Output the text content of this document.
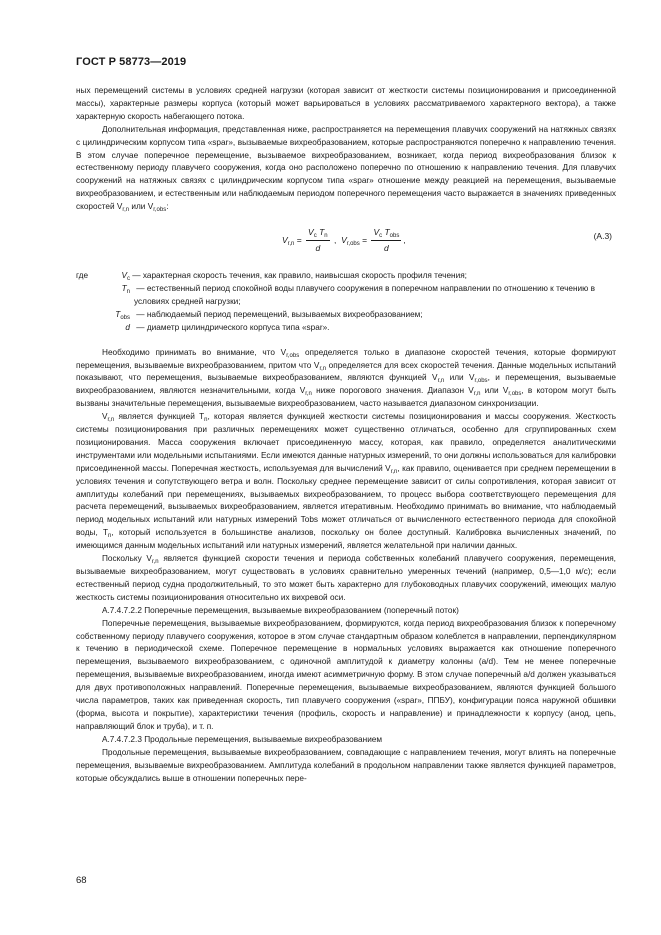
ГОСТ Р 58773—2019

ных перемещений системы в условиях средней нагрузки (которая зависит от жесткости системы позиционирования и присоединенной массы), характерные размеры корпуса (который может варьироваться в условиях рассматриваемого характерного вектора), а также характерную скорость набегающего потока.

Дополнительная информация, представленная ниже, распространяется на перемещения плавучих сооружений на натяжных связях с цилиндрическим корпусом типа «spar», вызываемые вихреобразованием, которые распространяются поперечно к направлению течения. В этом случае поперечное перемещение, вызываемое вихреобразованием, возникает, когда период вихреобразования близок к естественному периоду плавучего сооружения, когда оно расположено поперечно по отношению к направлению течения. Для плавучих сооружений на натяжных связях с цилиндрическим корпусом типа «spar» отношение между реакцией на перемещения, вызываемые вихреобразованием, и естественным или наблюдаемым периодом поперечного перемещения часто выражается в значениях приведенных скоростей $V_{r,n}$ или $V_{r,obs}$:

$V_{r,n} = \frac{V_c T_n}{d}$ , $V_{r,obs} = \frac{V_c T_{obs}}{d}$ ,	(А.3)
где	$V_c$ — характерная скорость течения, как правило, наивысшая скорость профиля течения;
$T_n$ — естественный период спокойной воды плавучего сооружения в поперечном направлении по отношению к течению в условиях средней нагрузки;
$T_{obs}$ — наблюдаемый период перемещений, вызываемых вихреобразованием;
d — диаметр цилиндрического корпуса типа «spar».

Необходимо принимать во внимание, что $V_{r,obs}$ определяется только в диапазоне скоростей течения, которые формируют перемещения, вызываемые вихреобразованием, притом что $V_{r,n}$ определяется для всех скоростей течения. Данные модельных испытаний показывают, что перемещения, вызываемые вихреобразованием, являются функцией $V_{r,n}$ или $V_{r,obs}$, и перемещения, вызываемые вихреобразованием, являются незначительными, когда $V_{r,n}$ ниже порогового значения. Диапазон $V_{r,n}$ или $V_{r,obs}$, в котором могут быть вызваны значительные перемещения, вызываемые вихреобразованием, часто называется диапазоном синхронизации.

$V_{r,n}$ является функцией $T_n$, которая является функцией жесткости системы позиционирования и массы сооружения. Жесткость системы позиционирования при различных перемещениях может существенно отличаться, особенно для сгруппированных схем позиционирования. Масса сооружения включает присоединенную массу, которая, как правило, определяется аналитическими инструментами или модельными испытаниями. Если имеются данные натурных измерений, то они должны использоваться для калибровки присоединенной массы. Поперечная жесткость, используемая для вычислений $V_{r,n}$, как правило, оценивается при среднем перемещении в условиях течения и сопутствующего ветра и волн. Поскольку среднее перемещение зависит от силы сопротивления, которая зависит от амплитуды колебаний при перемещениях, вызываемых вихреобразованием, то процесс выбора соответствующего перемещения для расчета перемещений, вызываемых вихреобразованием, является итеративным. Необходимо принимать во внимание, что наблюдаемый период модельных испытаний или натурных измерений Tobs может отличаться от вычисленного естественного периода для спокойной воды, $T_n$, который используется в большинстве анализов, поскольку он более доступный. Калибровка вычисленных значений, по имеющимся данным модельных испытаний или натурных измерений, является желательной при наличии данных.

Поскольку $V_{r,n}$ является функцией скорости течения и периода собственных колебаний плавучего сооружения, перемещения, вызываемые вихреобразованием, могут существовать в условиях сравнительно умеренных течений (например, 0,5—1,0 м/с); если естественный период судна продолжительный, то это может быть характерно для глубоководных плавучих сооружений, имеющих малую жесткость системы позиционирования относительно их вихревой оси.

А.7.4.7.2.2 Поперечные перемещения, вызываемые вихреобразованием (поперечный поток)

Поперечные перемещения, вызываемые вихреобразованием, формируются, когда период вихреобразования близок к поперечному собственному периоду плавучего сооружения, которое в этом случае стандартным образом колеблется в направлении, перпендикулярном к течению в периодической схеме. Поперечное перемещение в нормальных условиях выражается как отношение поперечного перемещения, вызываемого вихреобразованием, с одиночной амплитудой к диаметру колонны (a/d). Тем не менее поперечные перемещения, вызываемые вихреобразованием, иногда имеют асимметричную форму. В этом случае поперечный a/d должен указываться для двух противоположных направлений. Поперечные перемещения, вызываемые вихреобразованием, являются функцией большого числа параметров, таких как приведенная скорость, тип плавучего сооружения («spar», ППБУ), конфигурации пояса наружной обшивки (форма, высота и покрытие), характеристики течения (профиль, скорость и направление) и принадлежности к корпусу (анод, цепь, направляющий блок и труба), и т. п.

А.7.4.7.2.3 Продольные перемещения, вызываемые вихреобразованием

Продольные перемещения, вызываемые вихреобразованием, совпадающие с направлением течения, могут влиять на поперечные перемещения, вызываемые вихреобразованием. Амплитуда колебаний в продольном направлении также является функцией параметров, которые обсуждались выше в отношении поперечных пере-

68
